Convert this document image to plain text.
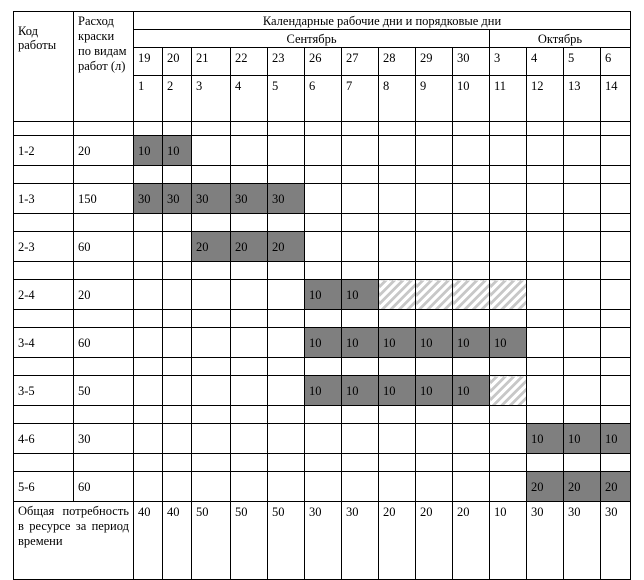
Код работы	Расход краски по видам работ (л)	Календарные рабочие дни и порядковые дни													
		Сентябрь										Октябрь			
		19	20	21	22	23	26	27	28	29	30	3	4	5	6
		1	2	3	4	5	6	7	8	9	10	11	12	13	14

1-2	20	10	10												

1-3	150	30	30	30	30	30									

2-3	60			20	20	20									

2-4	20						10	10							

3-4	60						10	10	10	10	10	10			

3-5	50						10	10	10	10	10				

4-6	30												10	10	10

5-6	60												20	20	20
Общая потребность в ресурсе за период времени		40	40	50	50	50	30	30	20	20	20	10	30	30	30
